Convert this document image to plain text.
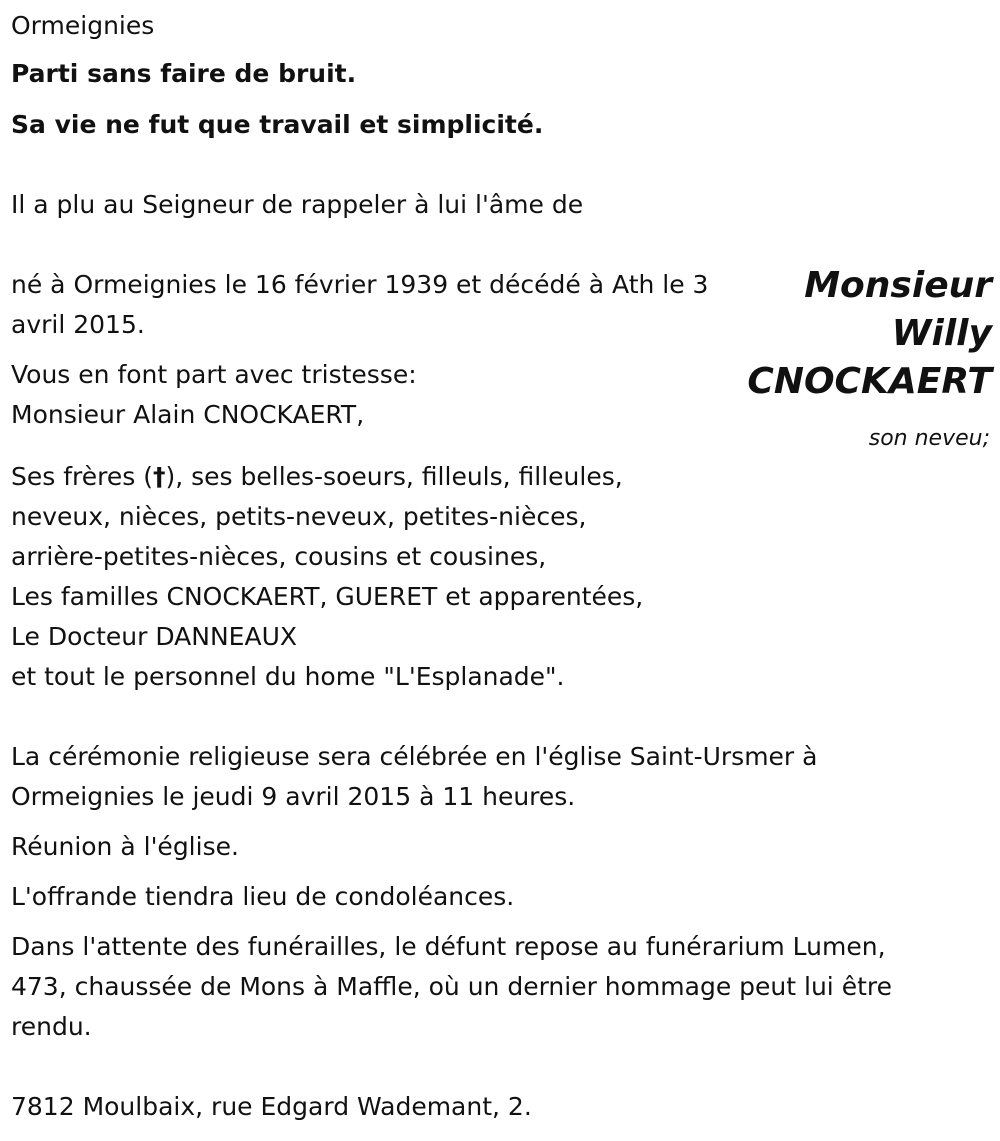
Ormeignies
Parti sans faire de bruit.
Sa vie ne fut que travail et simplicité.
Il a plu au Seigneur de rappeler à lui l'âme de
né à Ormeignies le 16 février 1939 et décédé à Ath le 3
avril 2015.
Monsieur
Willy
CNOCKAERT
Vous en font part avec tristesse:
Monsieur Alain CNOCKAERT,
son neveu;
Ses frères (†), ses belles-soeurs, filleuls, filleules,
neveux, nièces, petits-neveux, petites-nièces,
arrière-petites-nièces, cousins et cousines,
Les familles CNOCKAERT, GUERET et apparentées,
Le Docteur DANNEAUX
et tout le personnel du home "L'Esplanade".
La cérémonie religieuse sera célébrée en l'église Saint-Ursmer à
Ormeignies le jeudi 9 avril 2015 à 11 heures.
Réunion à l'église.
L'offrande tiendra lieu de condoléances.
Dans l'attente des funérailles, le défunt repose au funérarium Lumen,
473, chaussée de Mons à Maffle, où un dernier hommage peut lui être
rendu.
7812 Moulbaix, rue Edgard Wademant, 2.
